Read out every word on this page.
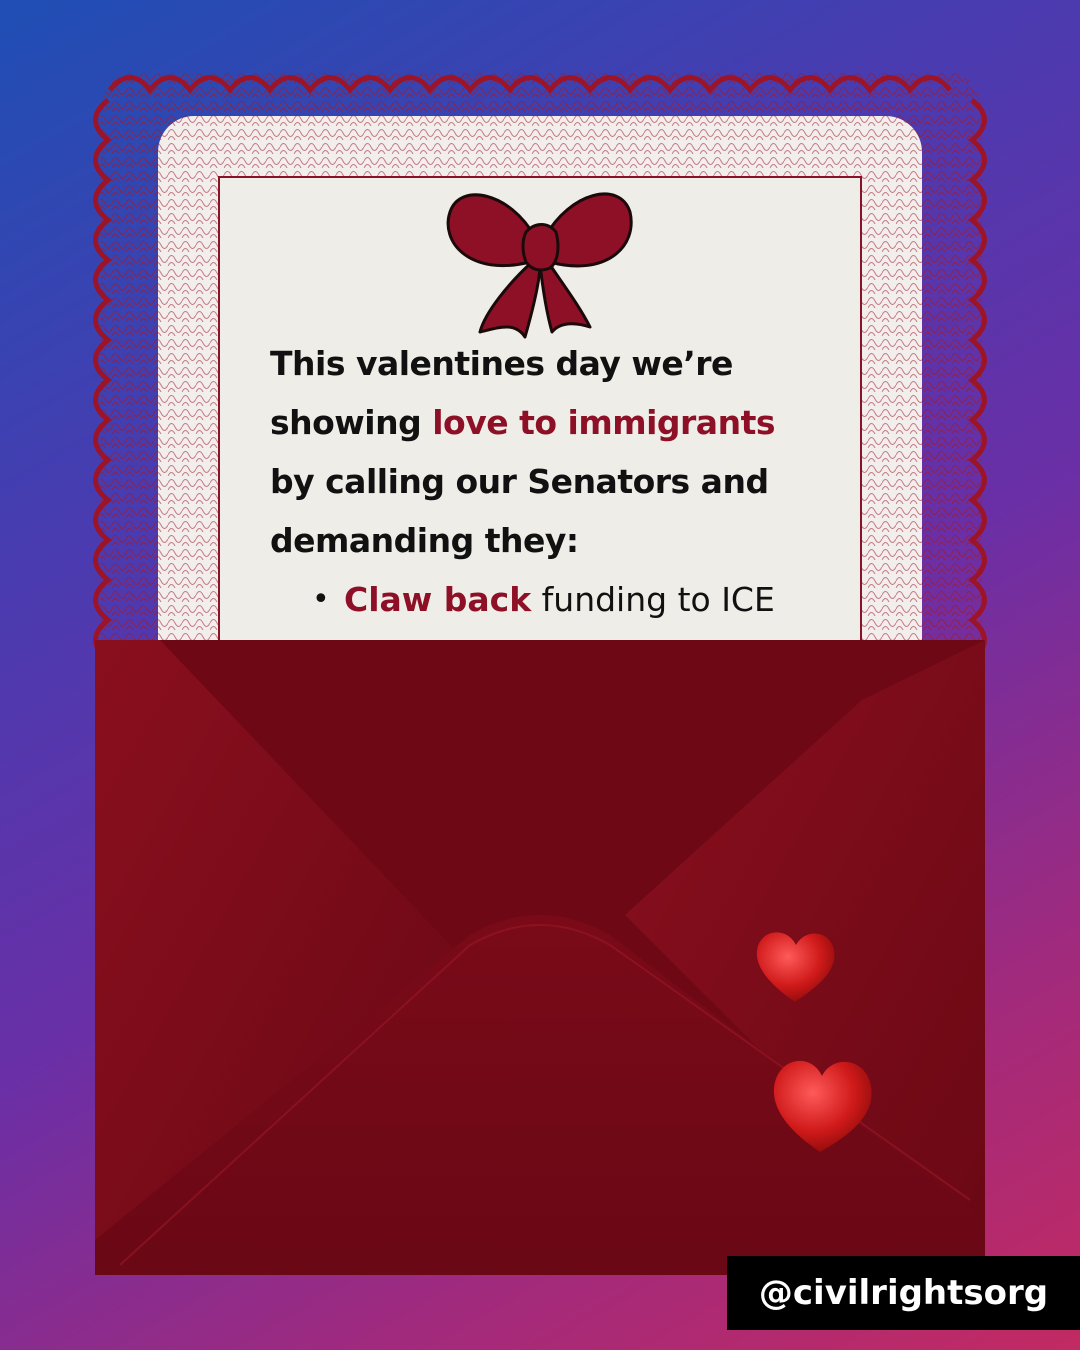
This valentines day we’re
showing love to immigrants
by calling our Senators and
demanding they:
• Claw back funding to ICE
@civilrightsorg
